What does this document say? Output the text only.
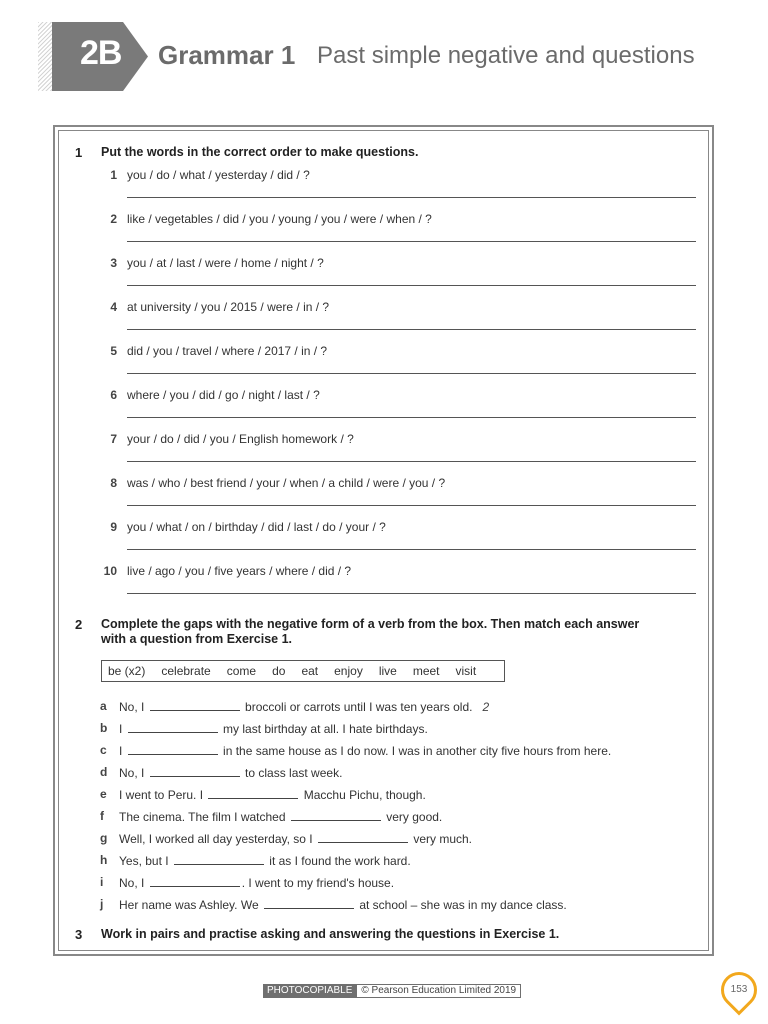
2B Grammar 1 Past simple negative and questions
1 Put the words in the correct order to make questions.
1 you / do / what / yesterday / did / ?
2 like / vegetables / did / you / young / you / were / when / ?
3 you / at / last / were / home / night / ?
4 at university / you / 2015 / were / in / ?
5 did / you / travel / where / 2017 / in / ?
6 where / you / did / go / night / last / ?
7 your / do / did / you / English homework / ?
8 was / who / best friend / your / when / a child / were / you / ?
9 you / what / on / birthday / did / last / do / your / ?
10 live / ago / you / five years / where / did / ?
2 Complete the gaps with the negative form of a verb from the box. Then match each answer with a question from Exercise 1.
be (x2) celebrate come do eat enjoy live meet visit
a No, I	broccoli or carrots until I was ten years old. 2
b I	my last birthday at all. I hate birthdays.
c I	in the same house as I do now. I was in another city five hours from here.
d No, I	to class last week.
e I went to Peru. I	Macchu Pichu, though.
f The cinema. The film I watched	very good.
g Well, I worked all day yesterday, so I	very much.
h Yes, but I	it as I found the work hard.
i No, I	. I went to my friend's house.
j Her name was Ashley. We	at school – she was in my dance class.
3 Work in pairs and practise asking and answering the questions in Exercise 1.
PHOTOCOPIABLE © Pearson Education Limited 2019	153
